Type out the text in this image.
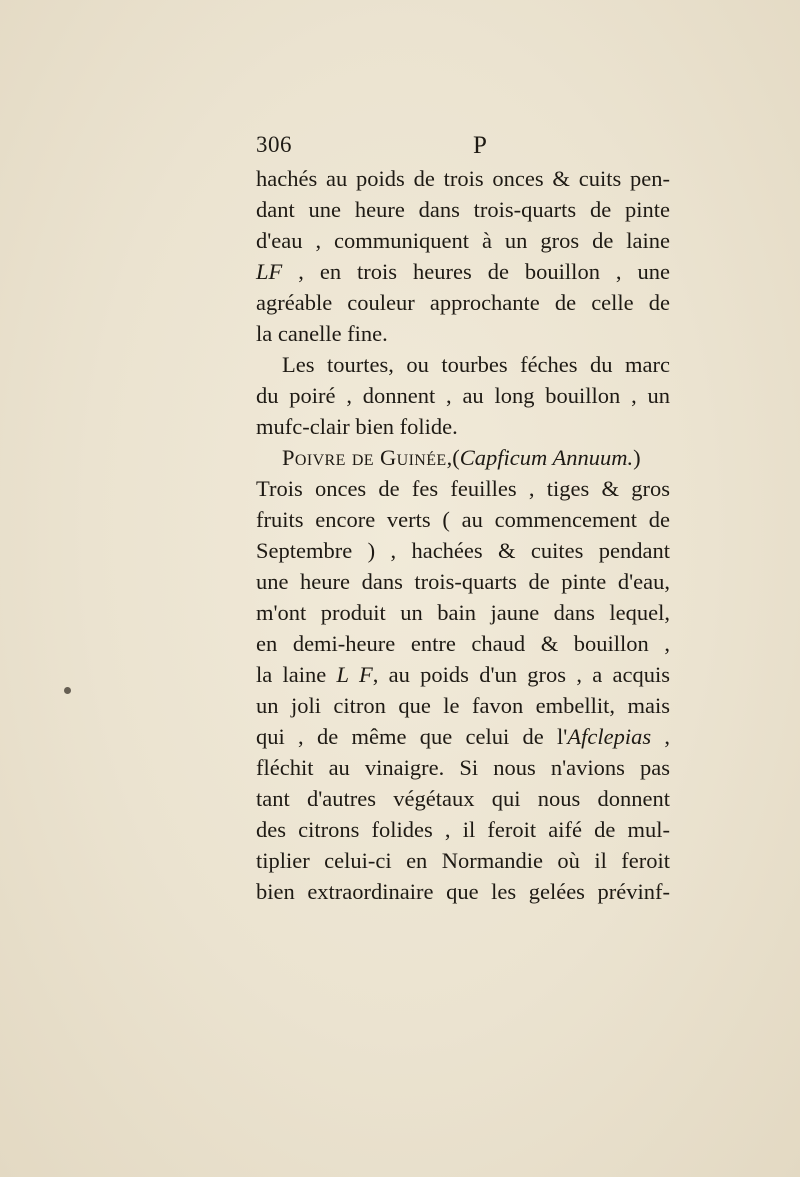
306	P
hachés au poids de trois onces & cuits pen-
dant une heure dans trois-quarts de pinte
d'eau , communiquent à un gros de laine
LF , en trois heures de bouillon , une
agréable couleur approchante de celle de
la canelle fine.
Les tourtes, ou tourbes féches du marc
du poiré , donnent , au long bouillon , un
mufc-clair bien folide.
Poivre de Guinée,(Capficum Annuum.)
Trois onces de fes feuilles , tiges & gros
fruits encore verts ( au commencement de
Septembre ) , hachées & cuites pendant
une heure dans trois-quarts de pinte d'eau,
m'ont produit un bain jaune dans lequel,
en demi-heure entre chaud & bouillon ,
la laine L F, au poids d'un gros , a acquis
un joli citron que le favon embellit, mais
qui , de même que celui de l'Afclepias ,
fléchit au vinaigre. Si nous n'avions pas
tant d'autres végétaux qui nous donnent
des citrons folides , il feroit aifé de mul-
tiplier celui-ci en Normandie où il feroit
bien extraordinaire que les gelées prévinf-
